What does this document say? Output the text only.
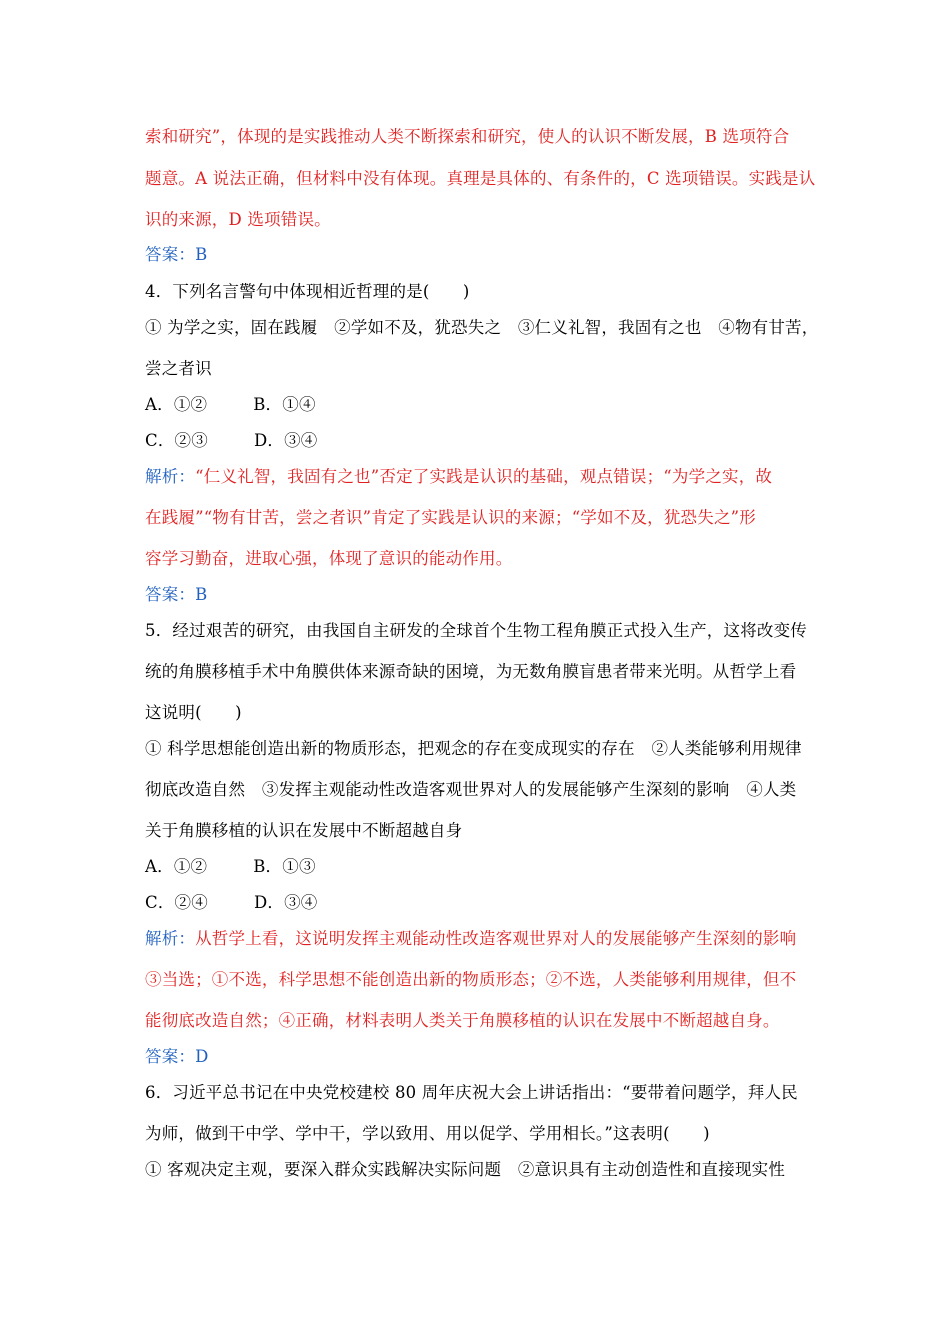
索和研究”，体现的是实践推动人类不断探索和研究，使人的认识不断发展，B 选项符合
题意。A 说法正确，但材料中没有体现。真理是具体的、有条件的，C 选项错误。实践是认
识的来源，D 选项错误。
答案：B
4．下列名言警句中体现相近哲理的是(　　)
① 为学之实，固在践履　②学如不及，犹恐失之　③仁义礼智，我固有之也　④物有甘苦，
尝之者识
A．①②	B．①④
C．②③	D．③④
解析：“仁义礼智，我固有之也”否定了实践是认识的基础，观点错误；“为学之实，故
在践履”“物有甘苦，尝之者识”肯定了实践是认识的来源；“学如不及，犹恐失之”形
容学习勤奋，进取心强，体现了意识的能动作用。
答案：B
5．经过艰苦的研究，由我国自主研发的全球首个生物工程角膜正式投入生产，这将改变传
统的角膜移植手术中角膜供体来源奇缺的困境，为无数角膜盲患者带来光明。从哲学上看
这说明(　　)
① 科学思想能创造出新的物质形态，把观念的存在变成现实的存在　②人类能够利用规律
彻底改造自然　③发挥主观能动性改造客观世界对人的发展能够产生深刻的影响　④人类
关于角膜移植的认识在发展中不断超越自身
A．①②	B．①③
C．②④	D．③④
解析：从哲学上看，这说明发挥主观能动性改造客观世界对人的发展能够产生深刻的影响
③当选；①不选，科学思想不能创造出新的物质形态；②不选，人类能够利用规律，但不
能彻底改造自然；④正确，材料表明人类关于角膜移植的认识在发展中不断超越自身。
答案：D
6．习近平总书记在中央党校建校 80 周年庆祝大会上讲话指出：“要带着问题学，拜人民
为师，做到干中学、学中干，学以致用、用以促学、学用相长。”这表明(　　)
① 客观决定主观，要深入群众实践解决实际问题　②意识具有主动创造性和直接现实性
